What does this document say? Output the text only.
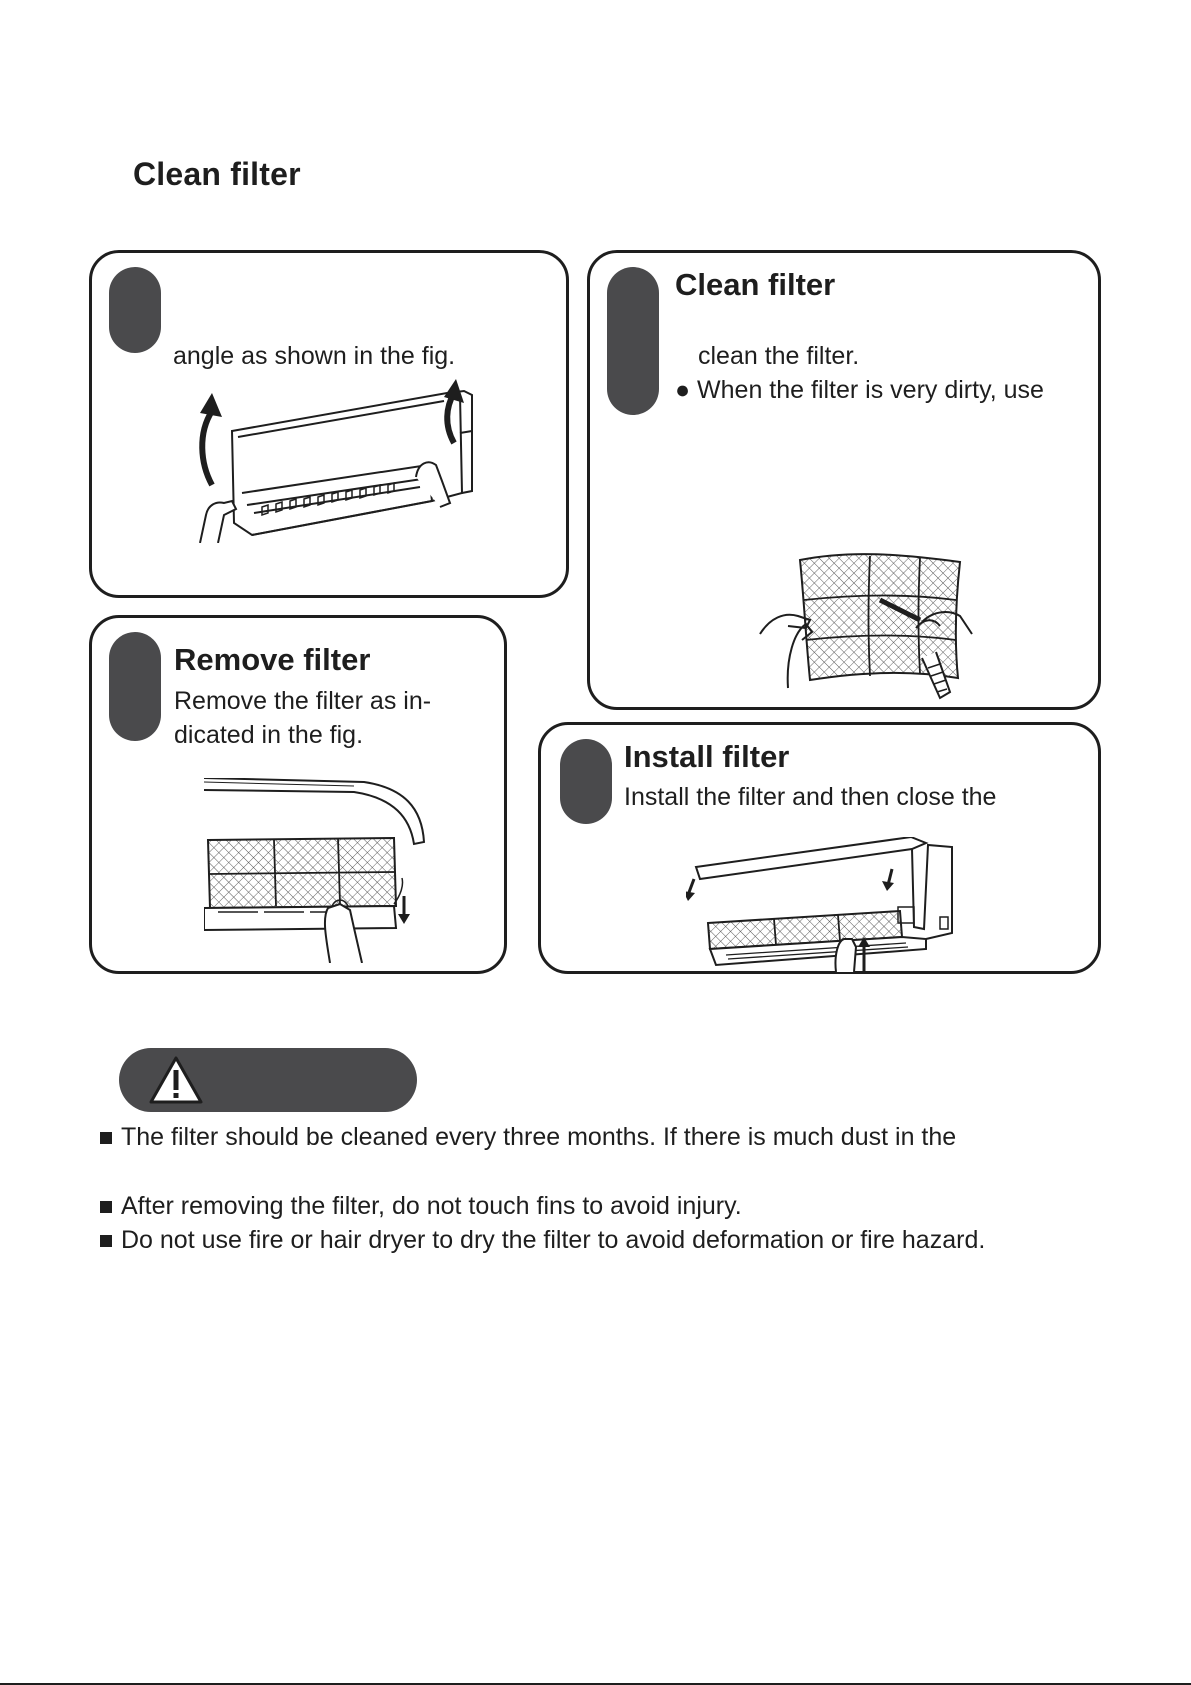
Clean filter
angle as shown in the fig.
Clean filter
clean the filter.
● When the filter is very dirty, use
Remove filter
Remove the filter as in-
dicated in the fig.
Install filter
Install the filter and then close the
The filter should be cleaned every three months. If there is much dust in the
After removing the filter, do not touch fins to avoid injury.
Do not use fire or hair dryer to dry the filter to avoid deformation or fire hazard.
